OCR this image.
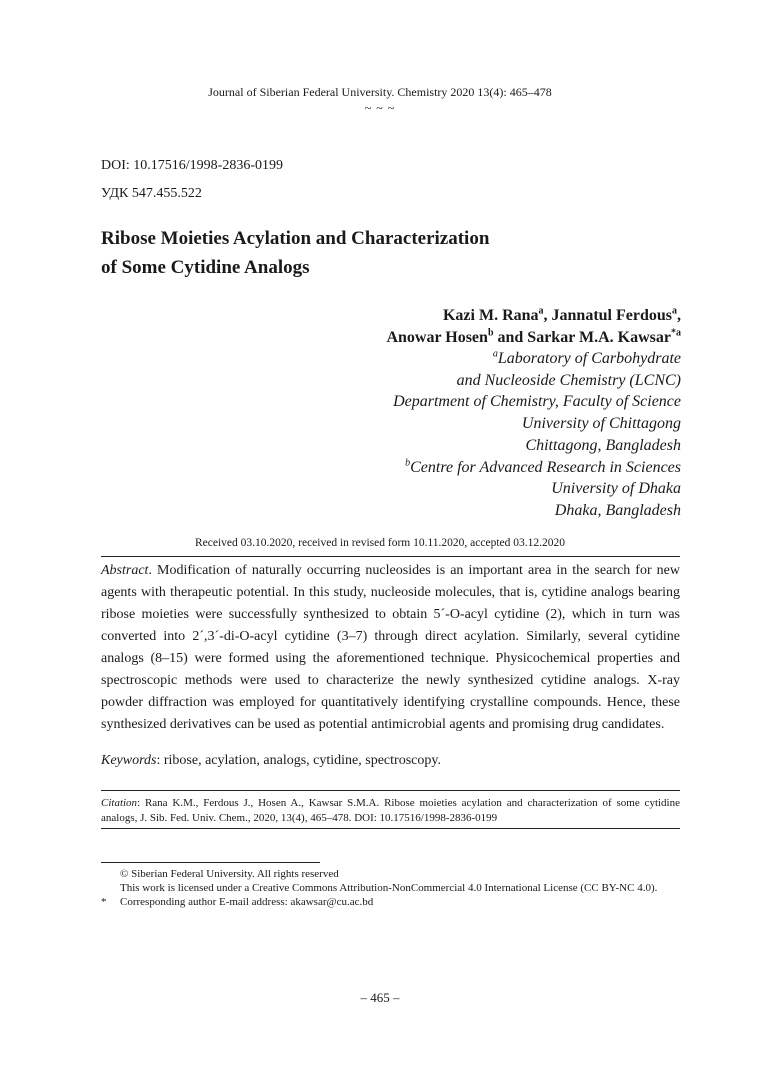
Journal of Siberian Federal University. Chemistry 2020 13(4): 465–478
~ ~ ~
DOI: 10.17516/1998-2836-0199
УДК 547.455.522
Ribose Moieties Acylation and Characterization
of Some Cytidine Analogs
Kazi M. Rana$^a$, Jannatul Ferdous$^a$,
Anowar Hosen$^b$ and Sarkar M.A. Kawsar$^{*a}$
$^a$Laboratory of Carbohydrate
and Nucleoside Chemistry (LCNC)
Department of Chemistry, Faculty of Science
University of Chittagong
Chittagong, Bangladesh
$^b$Centre for Advanced Research in Sciences
University of Dhaka
Dhaka, Bangladesh
Received 03.10.2020, received in revised form 10.11.2020, accepted 03.12.2020
Abstract. Modification of naturally occurring nucleosides is an important area in the search for new agents with therapeutic potential. In this study, nucleoside molecules, that is, cytidine analogs bearing ribose moieties were successfully synthesized to obtain 5´-O-acyl cytidine (2), which in turn was converted into 2´,3´-di-O-acyl cytidine (3–7) through direct acylation. Similarly, several cytidine analogs (8–15) were formed using the aforementioned technique. Physicochemical properties and spectroscopic methods were used to characterize the newly synthesized cytidine analogs. X-ray powder diffraction was employed for quantitatively identifying crystalline compounds. Hence, these synthesized derivatives can be used as potential antimicrobial agents and promising drug candidates.
Keywords: ribose, acylation, analogs, cytidine, spectroscopy.
Citation: Rana K.M., Ferdous J., Hosen A., Kawsar S.M.A. Ribose moieties acylation and characterization of some cytidine analogs, J. Sib. Fed. Univ. Chem., 2020, 13(4), 465–478. DOI: 10.17516/1998-2836-0199
© Siberian Federal University. All rights reserved
This work is licensed under a Creative Commons Attribution-NonCommercial 4.0 International License (CC BY-NC 4.0).
* Corresponding author E-mail address: akawsar@cu.ac.bd
– 465 –
